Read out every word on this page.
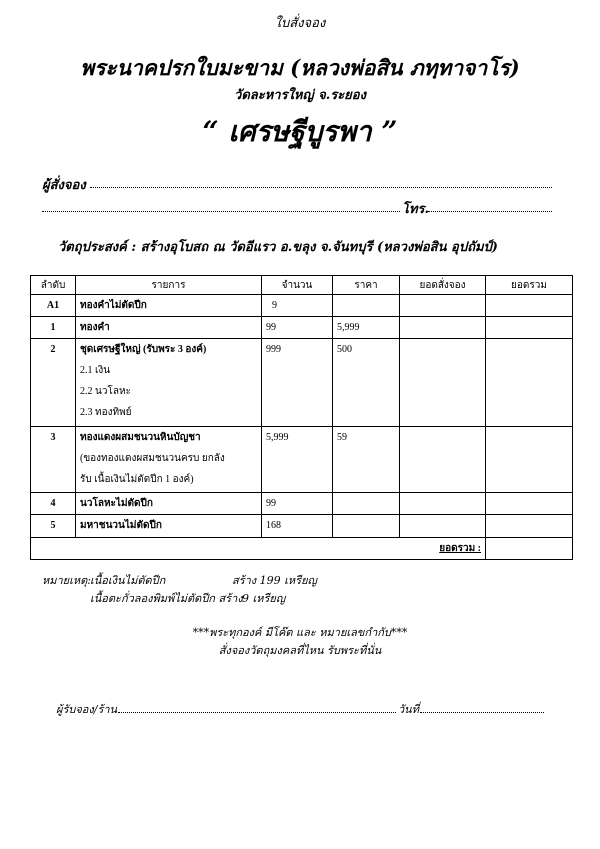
ใบสั่งจอง
พระนาคปรกใบมะขาม (หลวงพ่อสิน ภทฺทาจาโร)
วัดละหารใหญ่ จ.ระยอง
“ เศรษฐีบูรพา ”
ผู้สั่งจอง
โทร.
วัตถุประสงค์ : สร้างอุโบสถ ณ วัดอีแรว อ.ขลุง จ.จันทบุรี (หลวงพ่อสิน อุปถัมป์)
ลำดับ	รายการ	จำนวน	ราคา	ยอดสั่งจอง	ยอดรวม
A1	ทองคำไม่ตัดปีก	9			
1	ทองคำ	99	5,999		
2	ชุดเศรษฐีใหญ่ (รับพระ 3 องค์)
2.1 เงิน
2.2 นวโลหะ
2.3 ทองทิพย์	999	500		
3	ทองแดงผสมชนวนหินบัญชา
(ของทองแดงผสมชนวนครบ ยกลัง
รับ เนื้อเงินไม่ตัดปีก 1 องค์)	5,999	59		
4	นวโลหะไม่ตัดปีก	99			
5	มหาชนวนไม่ตัดปีก	168			
ยอดรวม :					
หมายเหตุ: เนื้อเงินไม่ตัดปีก	สร้าง 199 เหรียญ
เนื้อตะกั่วลองพิมพ์ไม่ตัดปีก สร้าง 9 เหรียญ
***พระทุกองค์ มีโค๊ต และ หมายเลขกำกับ***
สั่งจองวัตถุมงคลที่ไหน รับพระที่นั่น
ผู้รับจอง/ร้าน	วันที่
